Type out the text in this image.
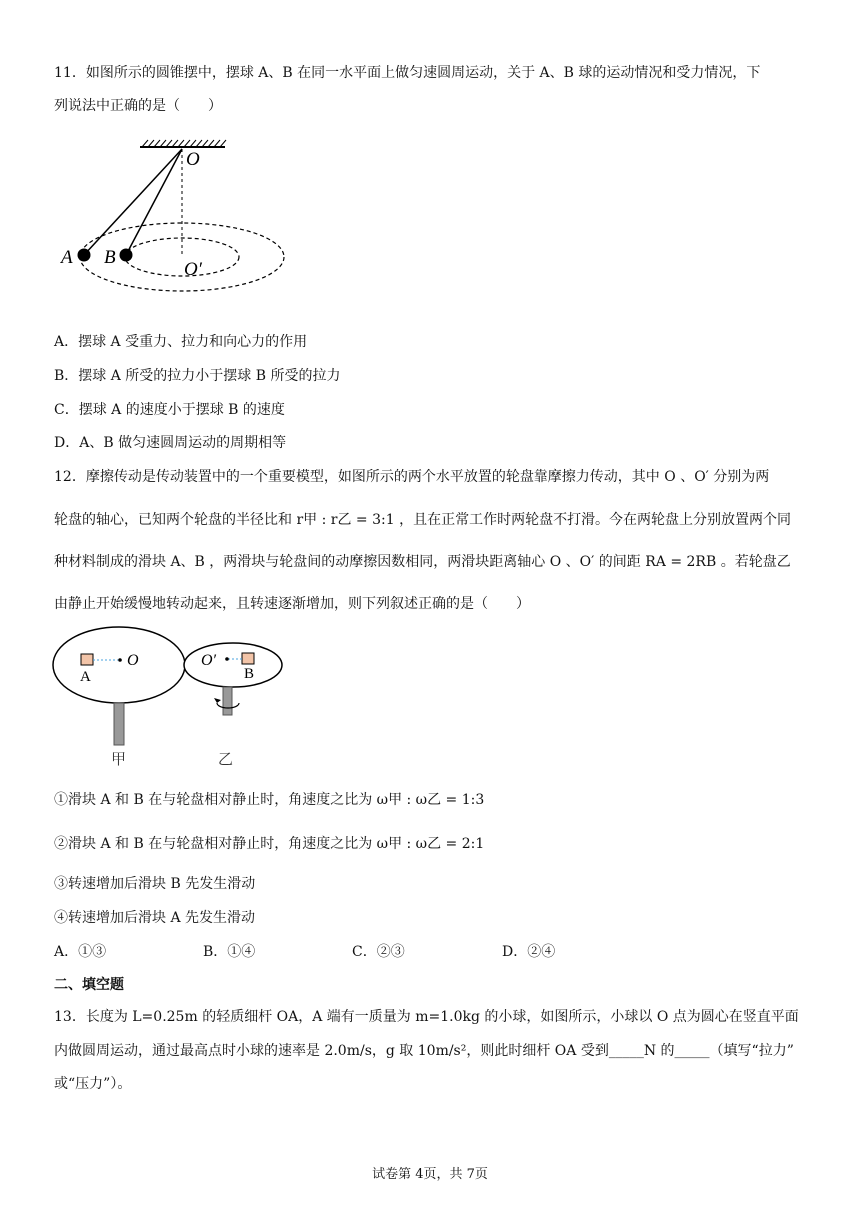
11．如图所示的圆锥摆中，摆球 A、B 在同一水平面上做匀速圆周运动，关于 A、B 球的运动情况和受力情况，下
列说法中正确的是（　　）
O
A B
O′
A．摆球 A 受重力、拉力和向心力的作用
B．摆球 A 所受的拉力小于摆球 B 所受的拉力
C．摆球 A 的速度小于摆球 B 的速度
D．A、B 做匀速圆周运动的周期相等
12．摩擦传动是传动装置中的一个重要模型，如图所示的两个水平放置的轮盘靠摩擦力传动，其中 O 、O′ 分别为两
轮盘的轴心，已知两个轮盘的半径比和 r甲 : r乙 = 3:1 ，且在正常工作时两轮盘不打滑。今在两轮盘上分别放置两个同
种材料制成的滑块 A、B ，两滑块与轮盘间的动摩擦因数相同，两滑块距离轴心 O 、O′ 的间距 RA = 2RB 。若轮盘乙
由静止开始缓慢地转动起来，且转速逐渐增加，则下列叙述正确的是（　　）
A
O	O′
B
甲	乙
①滑块 A 和 B 在与轮盘相对静止时，角速度之比为 ω甲 : ω乙 = 1:3
②滑块 A 和 B 在与轮盘相对静止时，角速度之比为 ω甲 : ω乙 = 2:1
③转速增加后滑块 B 先发生滑动
④转速增加后滑块 A 先发生滑动
A．①③	B．①④	C．②③	D．②④
二、填空题
13．长度为 L=0.25m 的轻质细杆 OA，A 端有一质量为 m=1.0kg 的小球，如图所示，小球以 O 点为圆心在竖直平面
内做圆周运动，通过最高点时小球的速率是 2.0m/s，g 取 10m/s²，则此时细杆 OA 受到_____N 的_____（填写“拉力”
或“压力”）。
试卷第 4页，共 7页
